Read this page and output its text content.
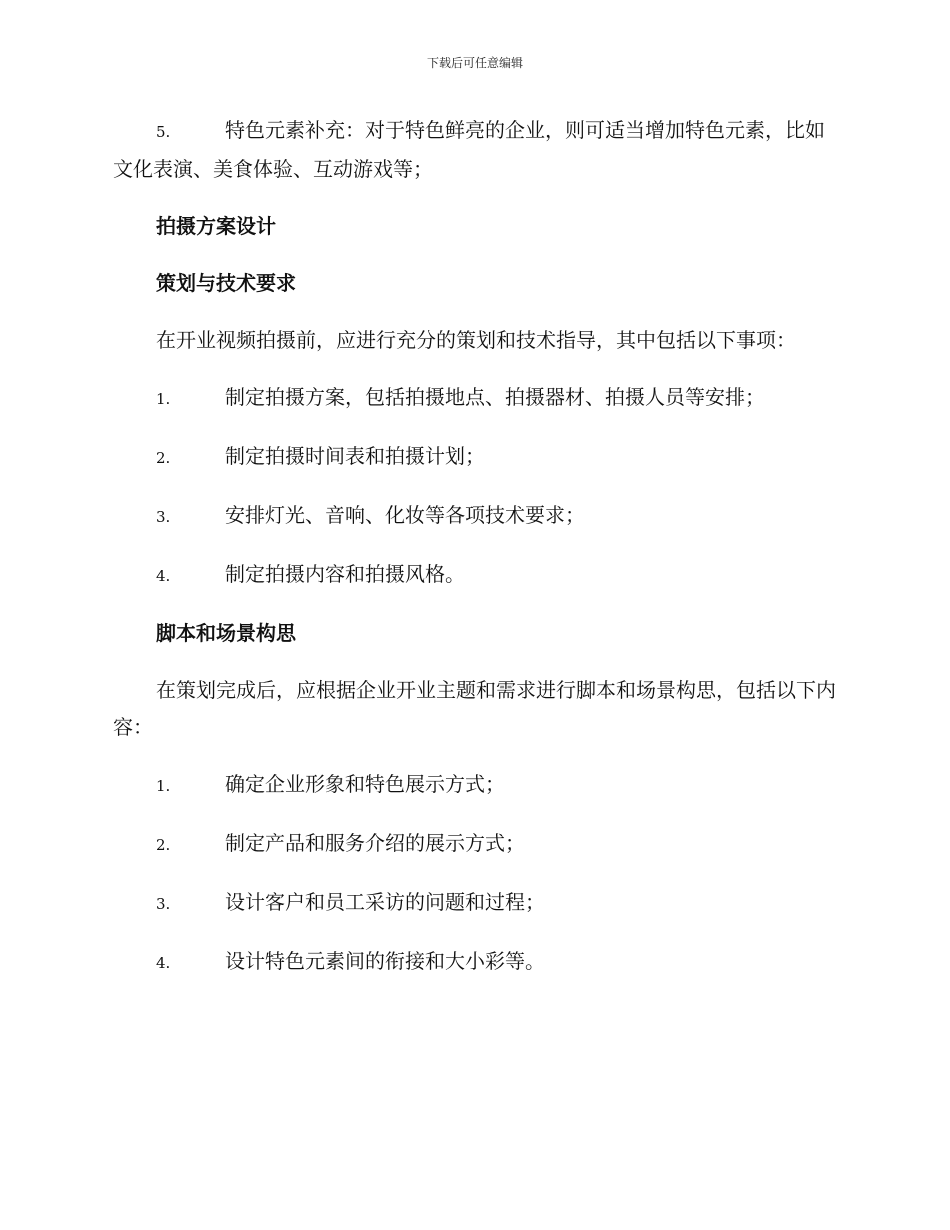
下载后可任意编辑

5.	特色元素补充：对于特色鲜亮的企业，则可适当增加特色元素，比如文化表演、美食体验、互动游戏等；

拍摄方案设计

策划与技术要求

在开业视频拍摄前，应进行充分的策划和技术指导，其中包括以下事项：

1.	制定拍摄方案，包括拍摄地点、拍摄器材、拍摄人员等安排；
2.	制定拍摄时间表和拍摄计划；
3.	安排灯光、音响、化妆等各项技术要求；
4.	制定拍摄内容和拍摄风格。

脚本和场景构思

在策划完成后，应根据企业开业主题和需求进行脚本和场景构思，包括以下内容：

1.	确定企业形象和特色展示方式；
2.	制定产品和服务介绍的展示方式；
3.	设计客户和员工采访的问题和过程；
4.	设计特色元素间的衔接和大小彩等。
